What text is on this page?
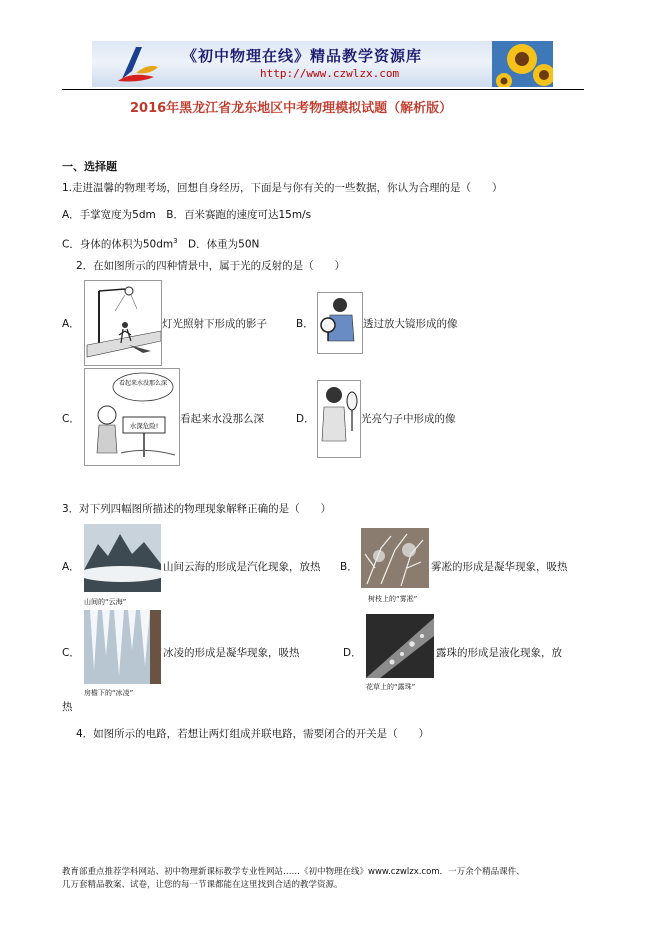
《初中物理在线》精品教学资源库
http://www.czwlzx.com
2016年黑龙江省龙东地区中考物理模拟试题（解析版）
一、选择题
1.走进温馨的物理考场，回想自身经历，下面是与你有关的一些数据，你认为合理的是（　　）
A．手掌宽度为5dm　B．百米赛跑的速度可达15m/s
C．身体的体积为$50dm^3$　D．体重为50N
2．在如图所示的四种情景中，属于光的反射的是（　　）
A．	灯光照射下形成的影子	B．	透过放大镜形成的像
C．
看起来水没那么深
水深危险!
看起来水没那么深	D．	光亮勺子中形成的像
3．对下列四幅图所描述的物理现象解释正确的是（　　）
A．
山间的“云海”
山间云海的形成是汽化现象，放热 B．
树枝上的“雾凇”
雾凇的形成是凝华现象，吸热
C．
房檐下的“冰凌”
冰凌的形成是凝华现象，吸热	D．
花草上的“露珠”
露珠的形成是液化现象，放
热
4．如图所示的电路，若想让两灯组成并联电路，需要闭合的开关是（　　）
教育部重点推荐学科网站、初中物理新课标教学专业性网站……《初中物理在线》www.czwlzx.com．一万余个精品课件、
几万套精品教案、试卷，让您的每一节课都能在这里找到合适的教学资源。
